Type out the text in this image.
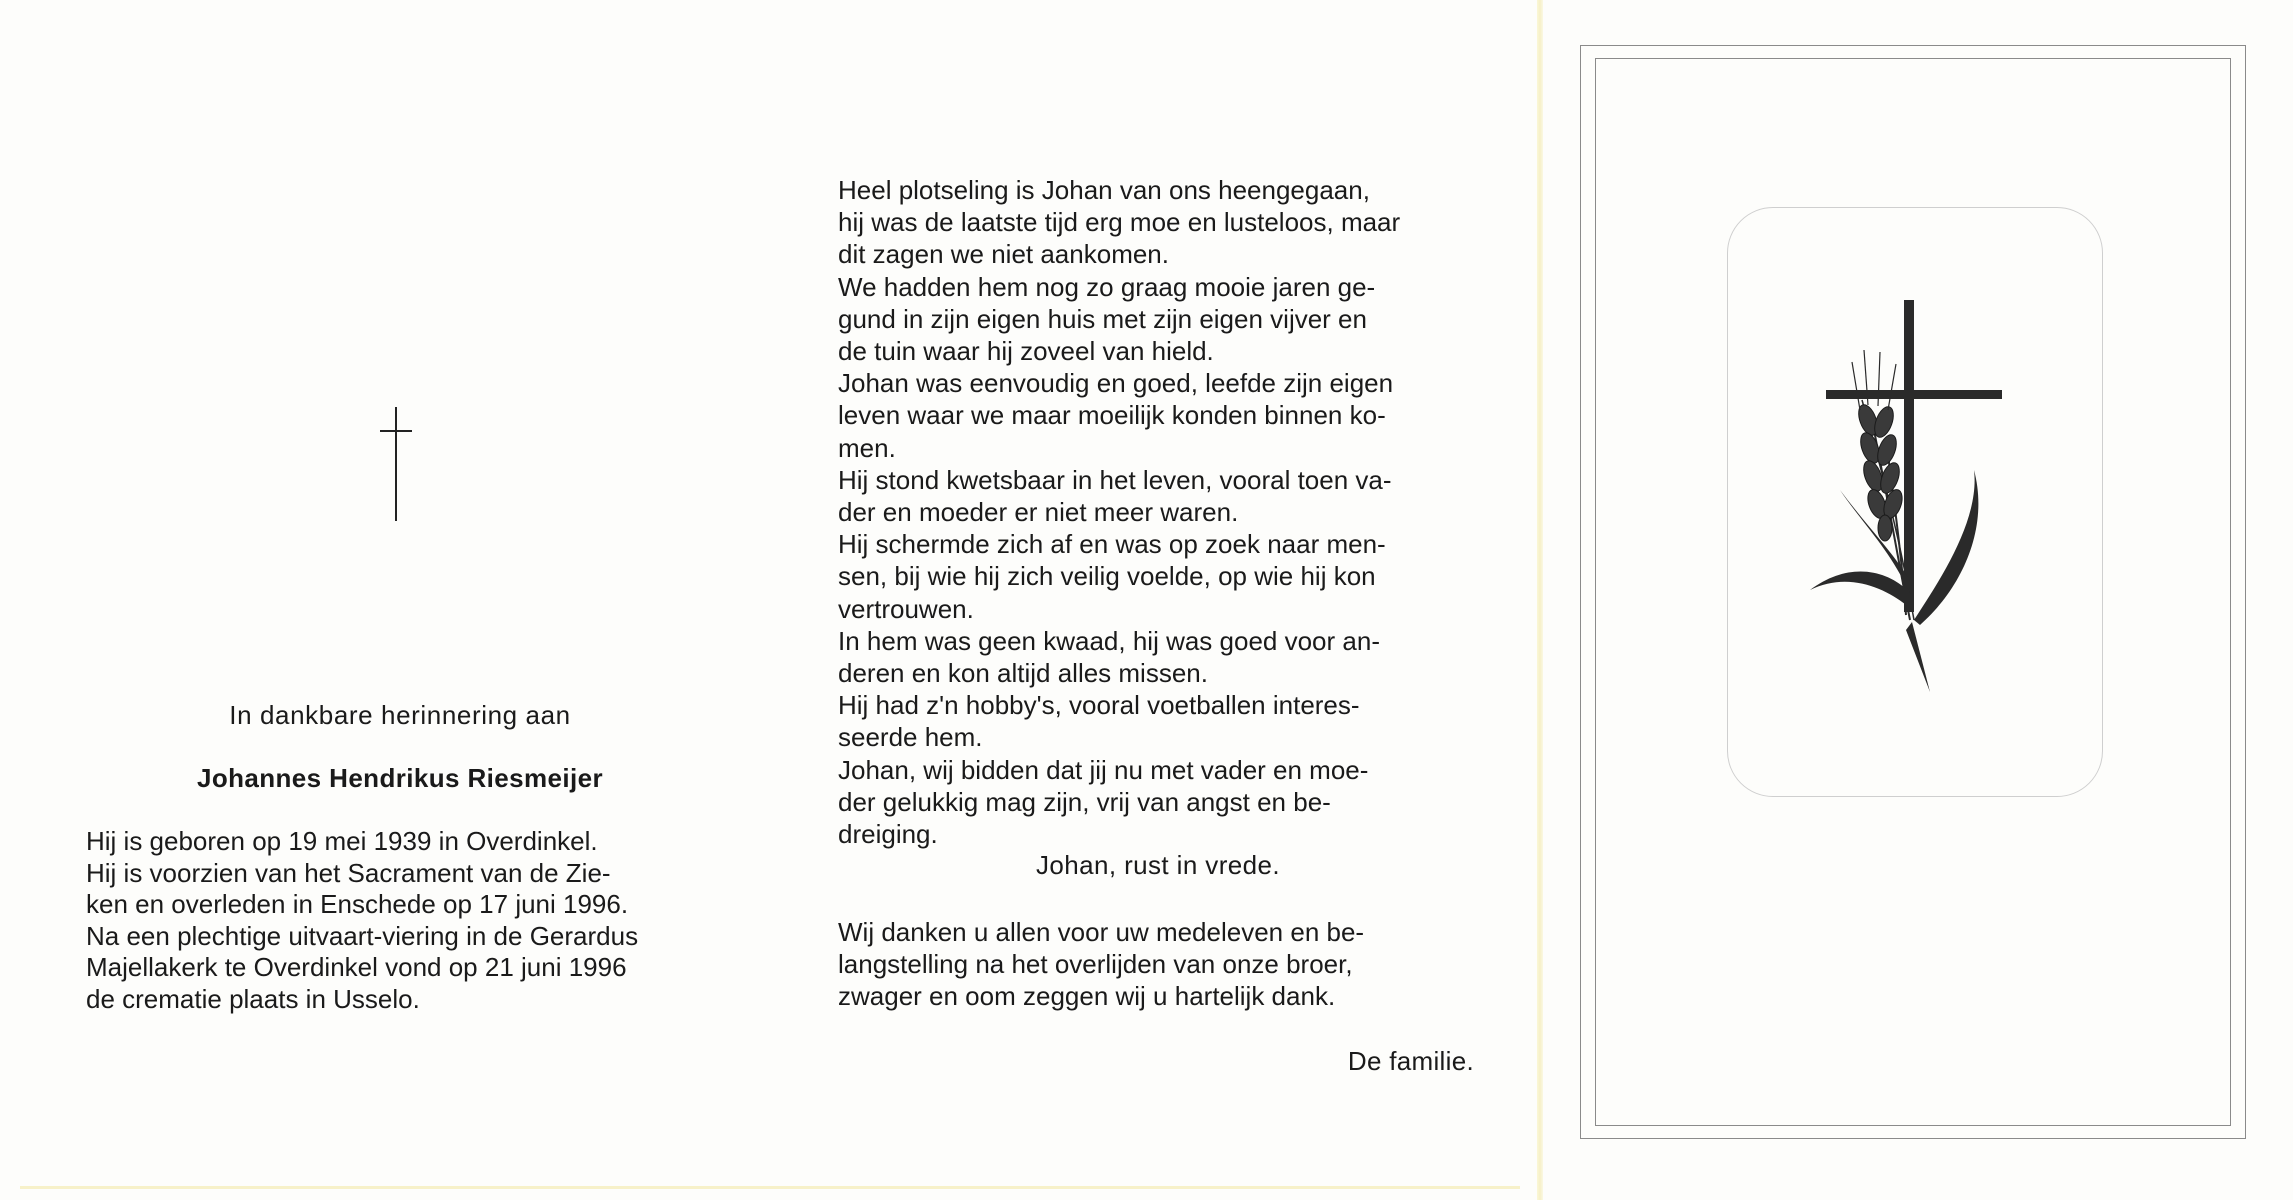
In dankbare herinnering aan
Johannes Hendrikus Riesmeijer
Hij is geboren op 19 mei 1939 in Overdinkel.
Hij is voorzien van het Sacrament van de Zie-
ken en overleden in Enschede op 17 juni 1996.
Na een plechtige uitvaart-viering in de Gerardus
Majellakerk te Overdinkel vond op 21 juni 1996
de crematie plaats in Usselo.
Heel plotseling is Johan van ons heengegaan,
hij was de laatste tijd erg moe en lusteloos, maar
dit zagen we niet aankomen.
We hadden hem nog zo graag mooie jaren ge-
gund in zijn eigen huis met zijn eigen vijver en
de tuin waar hij zoveel van hield.
Johan was eenvoudig en goed, leefde zijn eigen
leven waar we maar moeilijk konden binnen ko-
men.
Hij stond kwetsbaar in het leven, vooral toen va-
der en moeder er niet meer waren.
Hij schermde zich af en was op zoek naar men-
sen, bij wie hij zich veilig voelde, op wie hij kon
vertrouwen.
In hem was geen kwaad, hij was goed voor an-
deren en kon altijd alles missen.
Hij had z'n hobby's, vooral voetballen interes-
seerde hem.
Johan, wij bidden dat jij nu met vader en moe-
der gelukkig mag zijn, vrij van angst en be-
dreiging.
Johan, rust in vrede.
Wij danken u allen voor uw medeleven en be-
langstelling na het overlijden van onze broer,
zwager en oom zeggen wij u hartelijk dank.
De familie.
